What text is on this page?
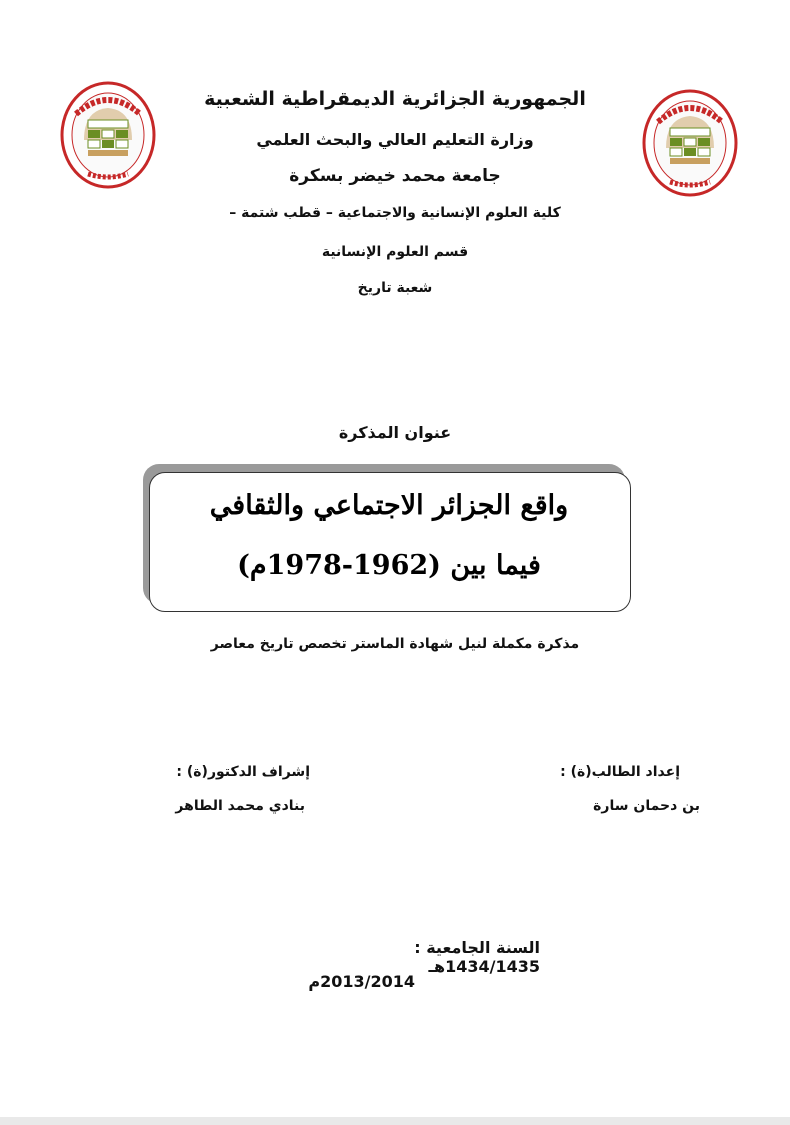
الجمهورية الجزائرية الديمقراطية الشعبية
وزارة التعليم العالي والبحث العلمي
جامعة محمد خيضر بسكرة
كلية العلوم الإنسانية والاجتماعية – قطب شتمة –
قسم العلوم الإنسانية
شعبة تاريخ
عنوان المذكرة
واقع الجزائر الاجتماعي والثقافي
فيما بين (1962-1978م)
مذكرة مكملة لنيل شهادة الماستر تخصص تاريخ معاصر
إعداد الطالب(ة) :
بن دحمان سارة
إشراف الدكتور(ة) :
بنادي محمد الطاهر
السنة الجامعية : 1434/1435هـ
2013/2014م
